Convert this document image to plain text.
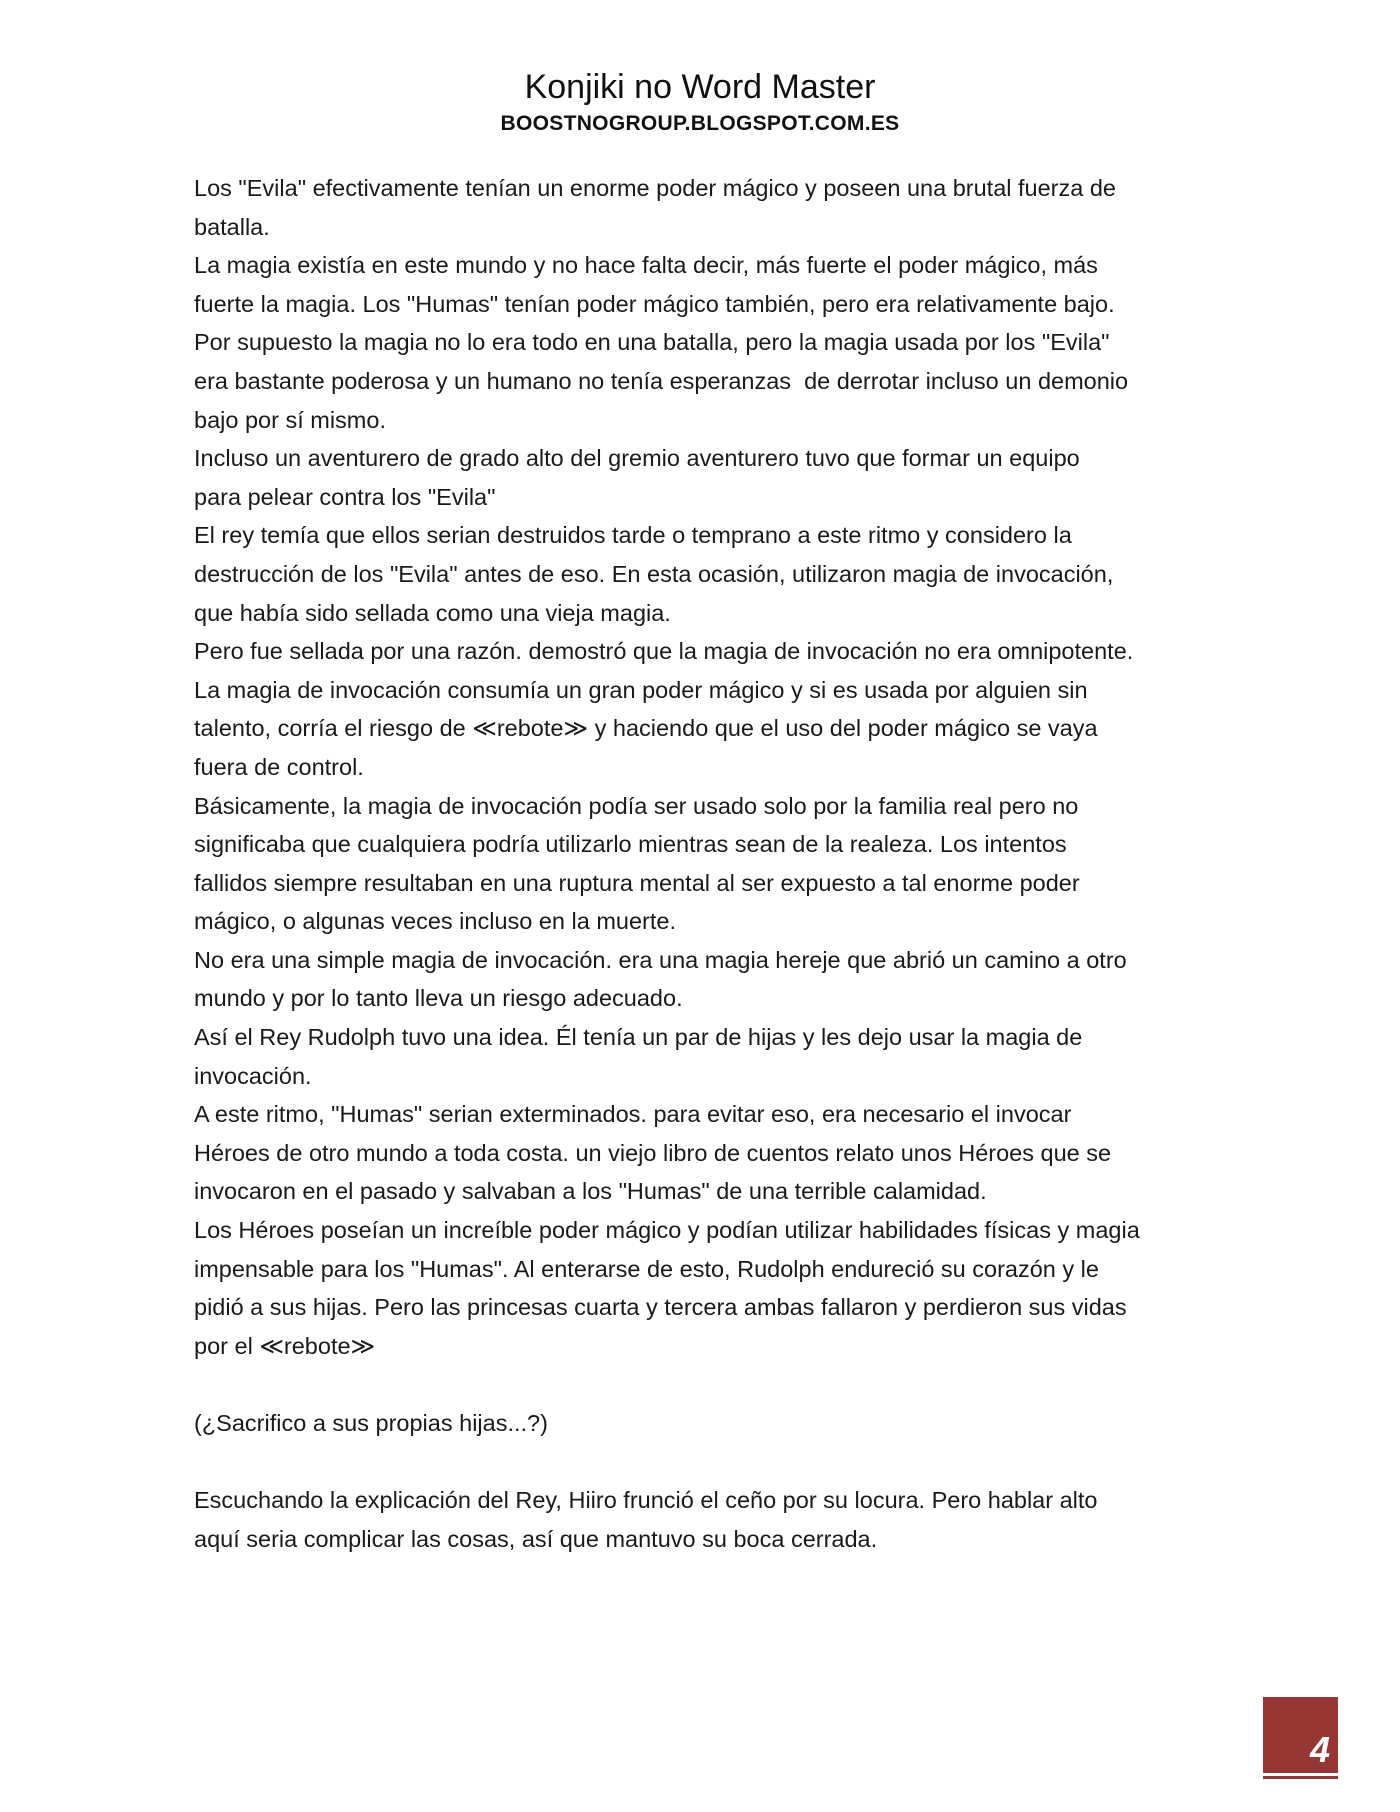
Konjiki no Word Master
BOOSTNOGROUP.BLOGSPOT.COM.ES

Los "Evila" efectivamente tenían un enorme poder mágico y poseen una brutal fuerza de

batalla.

La magia existía en este mundo y no hace falta decir, más fuerte el poder mágico, más

fuerte la magia. Los "Humas" tenían poder mágico también, pero era relativamente bajo.

Por supuesto la magia no lo era todo en una batalla, pero la magia usada por los "Evila"

era bastante poderosa y un humano no tenía esperanzas  de derrotar incluso un demonio

bajo por sí mismo.

Incluso un aventurero de grado alto del gremio aventurero tuvo que formar un equipo

para pelear contra los "Evila"

El rey temía que ellos serian destruidos tarde o temprano a este ritmo y considero la

destrucción de los "Evila" antes de eso. En esta ocasión, utilizaron magia de invocación,

que había sido sellada como una vieja magia.

Pero fue sellada por una razón. demostró que la magia de invocación no era omnipotente.

La magia de invocación consumía un gran poder mágico y si es usada por alguien sin

talento, corría el riesgo de ≪rebote≫ y haciendo que el uso del poder mágico se vaya

fuera de control.

Básicamente, la magia de invocación podía ser usado solo por la familia real pero no

significaba que cualquiera podría utilizarlo mientras sean de la realeza. Los intentos

fallidos siempre resultaban en una ruptura mental al ser expuesto a tal enorme poder

mágico, o algunas veces incluso en la muerte.

No era una simple magia de invocación. era una magia hereje que abrió un camino a otro

mundo y por lo tanto lleva un riesgo adecuado.

Así el Rey Rudolph tuvo una idea. Él tenía un par de hijas y les dejo usar la magia de

invocación.

A este ritmo, "Humas" serian exterminados. para evitar eso, era necesario el invocar

Héroes de otro mundo a toda costa. un viejo libro de cuentos relato unos Héroes que se

invocaron en el pasado y salvaban a los "Humas" de una terrible calamidad.

Los Héroes poseían un increíble poder mágico y podían utilizar habilidades físicas y magia

impensable para los "Humas". Al enterarse de esto, Rudolph endureció su corazón y le

pidió a sus hijas. Pero las princesas cuarta y tercera ambas fallaron y perdieron sus vidas

por el ≪rebote≫

(¿Sacrifico a sus propias hijas...?)

Escuchando la explicación del Rey, Hiiro frunció el ceño por su locura. Pero hablar alto

aquí seria complicar las cosas, así que mantuvo su boca cerrada.

4
